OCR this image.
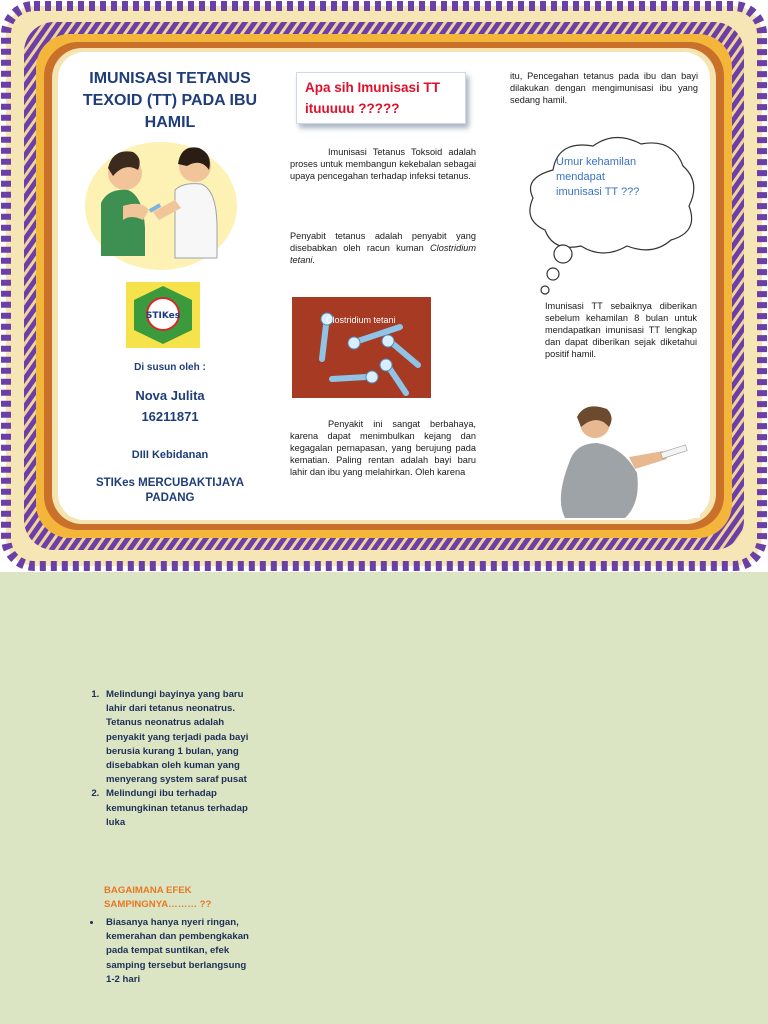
IMUNISASI TETANUS TEXOID (TT) PADA IBU HAMIL
STIKes
Di susun oleh :
Nova Julita
16211871
DIII Kebidanan
STIKes MERCUBAKTIJAYA PADANG
Apa sih Imunisasi TT ituuuuu ?????
Imunisasi Tetanus Toksoid adalah proses untuk membangun kekebalan sebagai upaya pencegahan terhadap infeksi tetanus.
Penyabit tetanus adalah penyabit yang disebabkan oleh racun kuman Clostridium tetani.
Clostridium tetani
Penyakit ini sangat berbahaya, karena dapat menimbulkan kejang dan kegagalan pernapasan, yang berujung pada kematian. Paling rentan adalah bayi baru lahir dan ibu yang melahirkan. Oleh karena
itu, Pencegahan tetanus pada ibu dan bayi dilakukan dengan mengimunisasi ibu yang sedang hamil.
Umur kehamilan mendapat imunisasi TT ???
Imunisasi TT sebaiknya diberikan sebelum kehamilan 8 bulan untuk mendapatkan imunisasi TT lengkap dan dapat diberikan sejak diketahui positif hamil.
1. Melindungi bayinya yang baru lahir dari tetanus neonatrus. Tetanus neonatrus adalah penyakit yang terjadi pada bayi berusia kurang 1 bulan, yang disebabkan oleh kuman yang menyerang system saraf pusat
2. Melindungi ibu terhadap kemungkinan tetanus terhadap luka
BAGAIMANA EFEK SAMPINGNYA……… ??
• Biasanya hanya nyeri ringan, kemerahan dan pembengkakan pada tempat suntikan, efek samping tersebut berlangsung 1-2 hari
